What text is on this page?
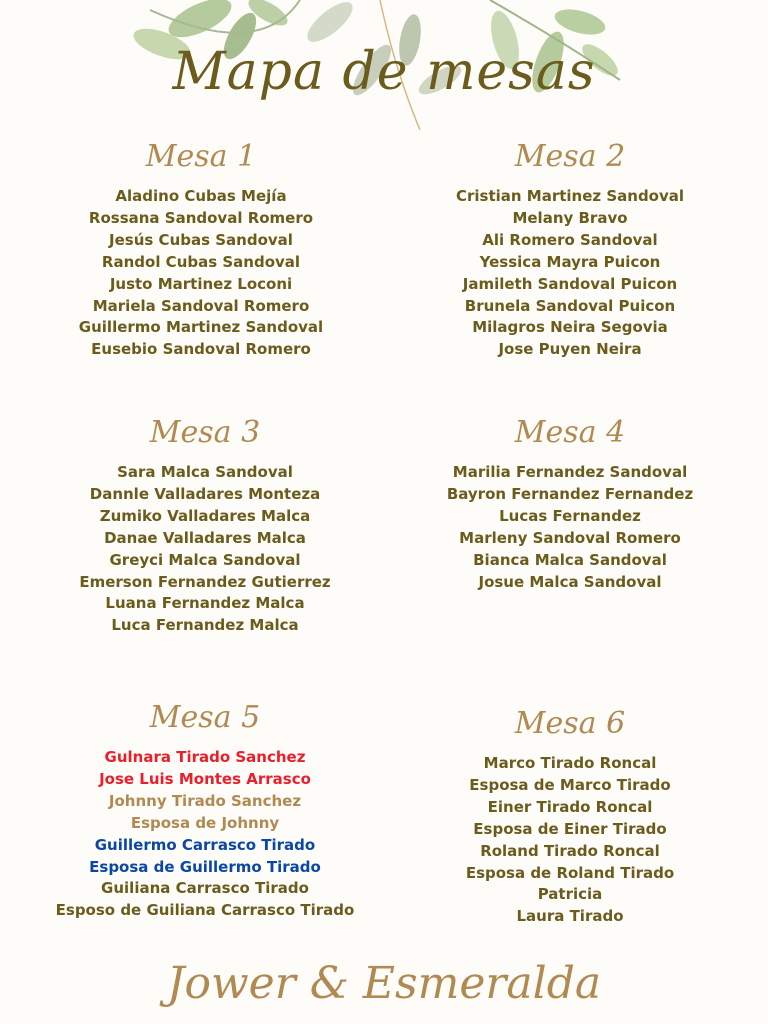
Mapa de mesas
Mesa 1
Aladino Cubas Mejía
Rossana Sandoval Romero
Jesús Cubas Sandoval
Randol Cubas Sandoval
Justo Martinez Loconi
Mariela Sandoval Romero
Guillermo Martinez Sandoval
Eusebio Sandoval Romero
Mesa 2
Cristian Martinez Sandoval
Melany Bravo
Ali Romero Sandoval
Yessica Mayra Puicon
Jamileth Sandoval Puicon
Brunela Sandoval Puicon
Milagros Neira Segovia
Jose Puyen Neira
Mesa 3
Sara Malca Sandoval
Dannle Valladares Monteza
Zumiko Valladares Malca
Danae Valladares Malca
Greyci Malca Sandoval
Emerson Fernandez Gutierrez
Luana Fernandez Malca
Luca Fernandez Malca
Mesa 4
Marilia Fernandez Sandoval
Bayron Fernandez Fernandez
Lucas Fernandez
Marleny Sandoval Romero
Bianca Malca Sandoval
Josue Malca Sandoval
Mesa 5
Gulnara Tirado Sanchez
Jose Luis Montes Arrasco
Johnny Tirado Sanchez
Esposa de Johnny
Guillermo Carrasco Tirado
Esposa de Guillermo Tirado
Guiliana Carrasco Tirado
Esposo de Guiliana Carrasco Tirado
Mesa 6
Marco Tirado Roncal
Esposa de Marco Tirado
Einer Tirado Roncal
Esposa de Einer Tirado
Roland Tirado Roncal
Esposa de Roland Tirado
Patricia
Laura Tirado
Jower & Esmeralda
